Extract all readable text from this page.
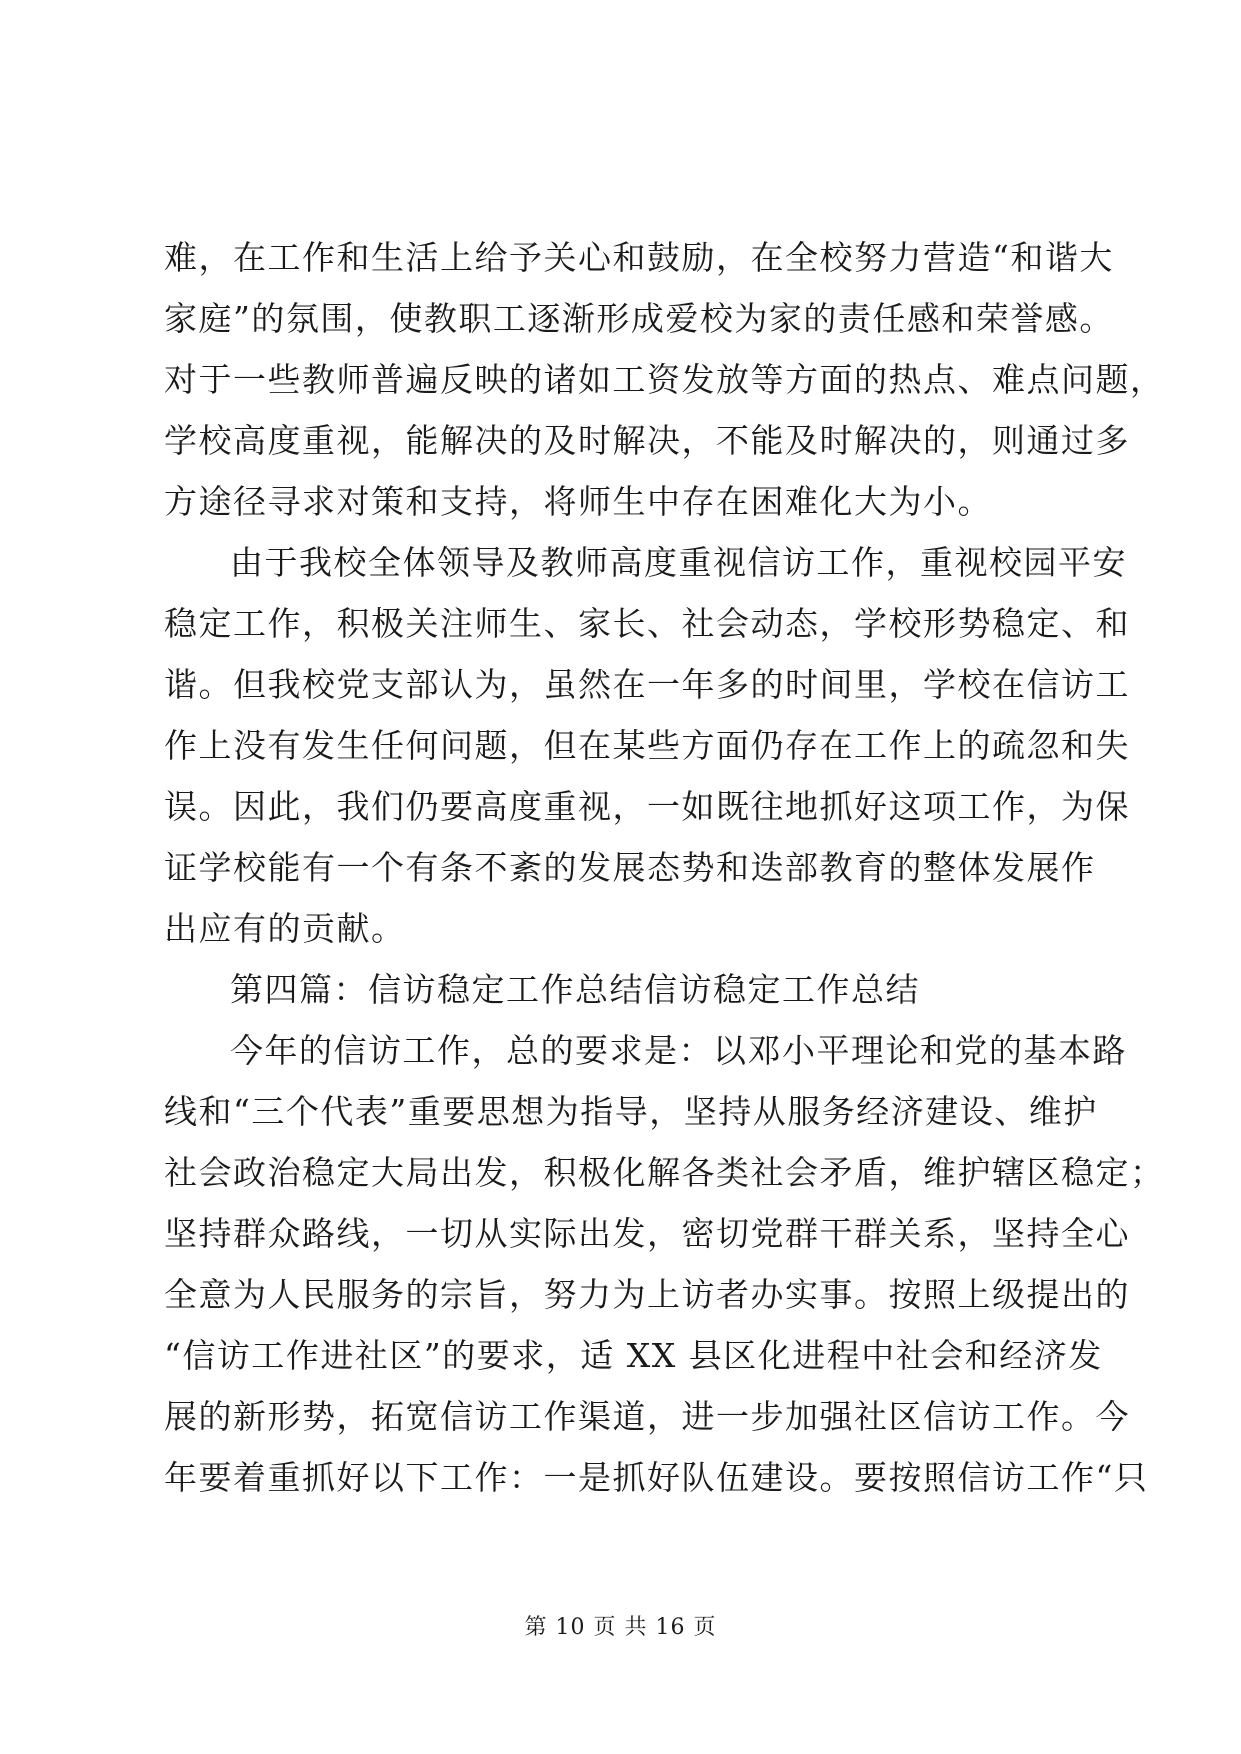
难，在工作和生活上给予关心和鼓励，在全校努力营造“和谐大
家庭”的氛围，使教职工逐渐形成爱校为家的责任感和荣誉感。
对于一些教师普遍反映的诸如工资发放等方面的热点、难点问题，
学校高度重视，能解决的及时解决，不能及时解决的，则通过多
方途径寻求对策和支持，将师生中存在困难化大为小。
由于我校全体领导及教师高度重视信访工作，重视校园平安
稳定工作，积极关注师生、家长、社会动态，学校形势稳定、和
谐。但我校党支部认为，虽然在一年多的时间里，学校在信访工
作上没有发生任何问题，但在某些方面仍存在工作上的疏忽和失
误。因此，我们仍要高度重视，一如既往地抓好这项工作，为保
证学校能有一个有条不紊的发展态势和迭部教育的整体发展作
出应有的贡献。
第四篇：信访稳定工作总结信访稳定工作总结
今年的信访工作，总的要求是：以邓小平理论和党的基本路
线和“三个代表”重要思想为指导，坚持从服务经济建设、维护
社会政治稳定大局出发，积极化解各类社会矛盾，维护辖区稳定；
坚持群众路线，一切从实际出发，密切党群干群关系，坚持全心
全意为人民服务的宗旨，努力为上访者办实事。按照上级提出的
“信访工作进社区”的要求，适 XX 县区化进程中社会和经济发
展的新形势，拓宽信访工作渠道，进一步加强社区信访工作。今
年要着重抓好以下工作：一是抓好队伍建设。要按照信访工作“只
第 10 页 共 16 页
